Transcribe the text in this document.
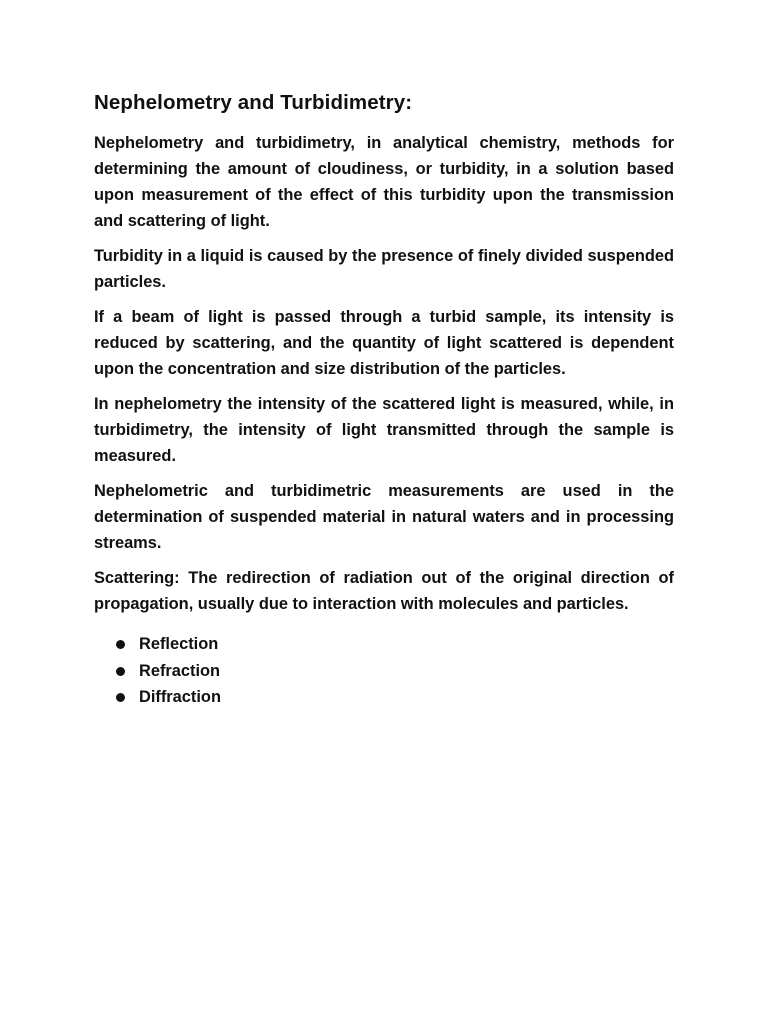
Nephelometry and Turbidimetry:

Nephelometry and turbidimetry, in analytical chemistry, methods for determining the amount of cloudiness, or turbidity, in a solution based upon measurement of the effect of this turbidity upon the transmission and scattering of light.

Turbidity in a liquid is caused by the presence of finely divided suspended particles.

If a beam of light is passed through a turbid sample, its intensity is reduced by scattering, and the quantity of light scattered is dependent upon the concentration and size distribution of the particles.

In nephelometry the intensity of the scattered light is measured, while, in turbidimetry, the intensity of light transmitted through the sample is measured.

Nephelometric and turbidimetric measurements are used in the determination of suspended material in natural waters and in processing streams.

Scattering: The redirection of radiation out of the original direction of propagation, usually due to interaction with molecules and particles.

Reflection
Refraction
Diffraction
